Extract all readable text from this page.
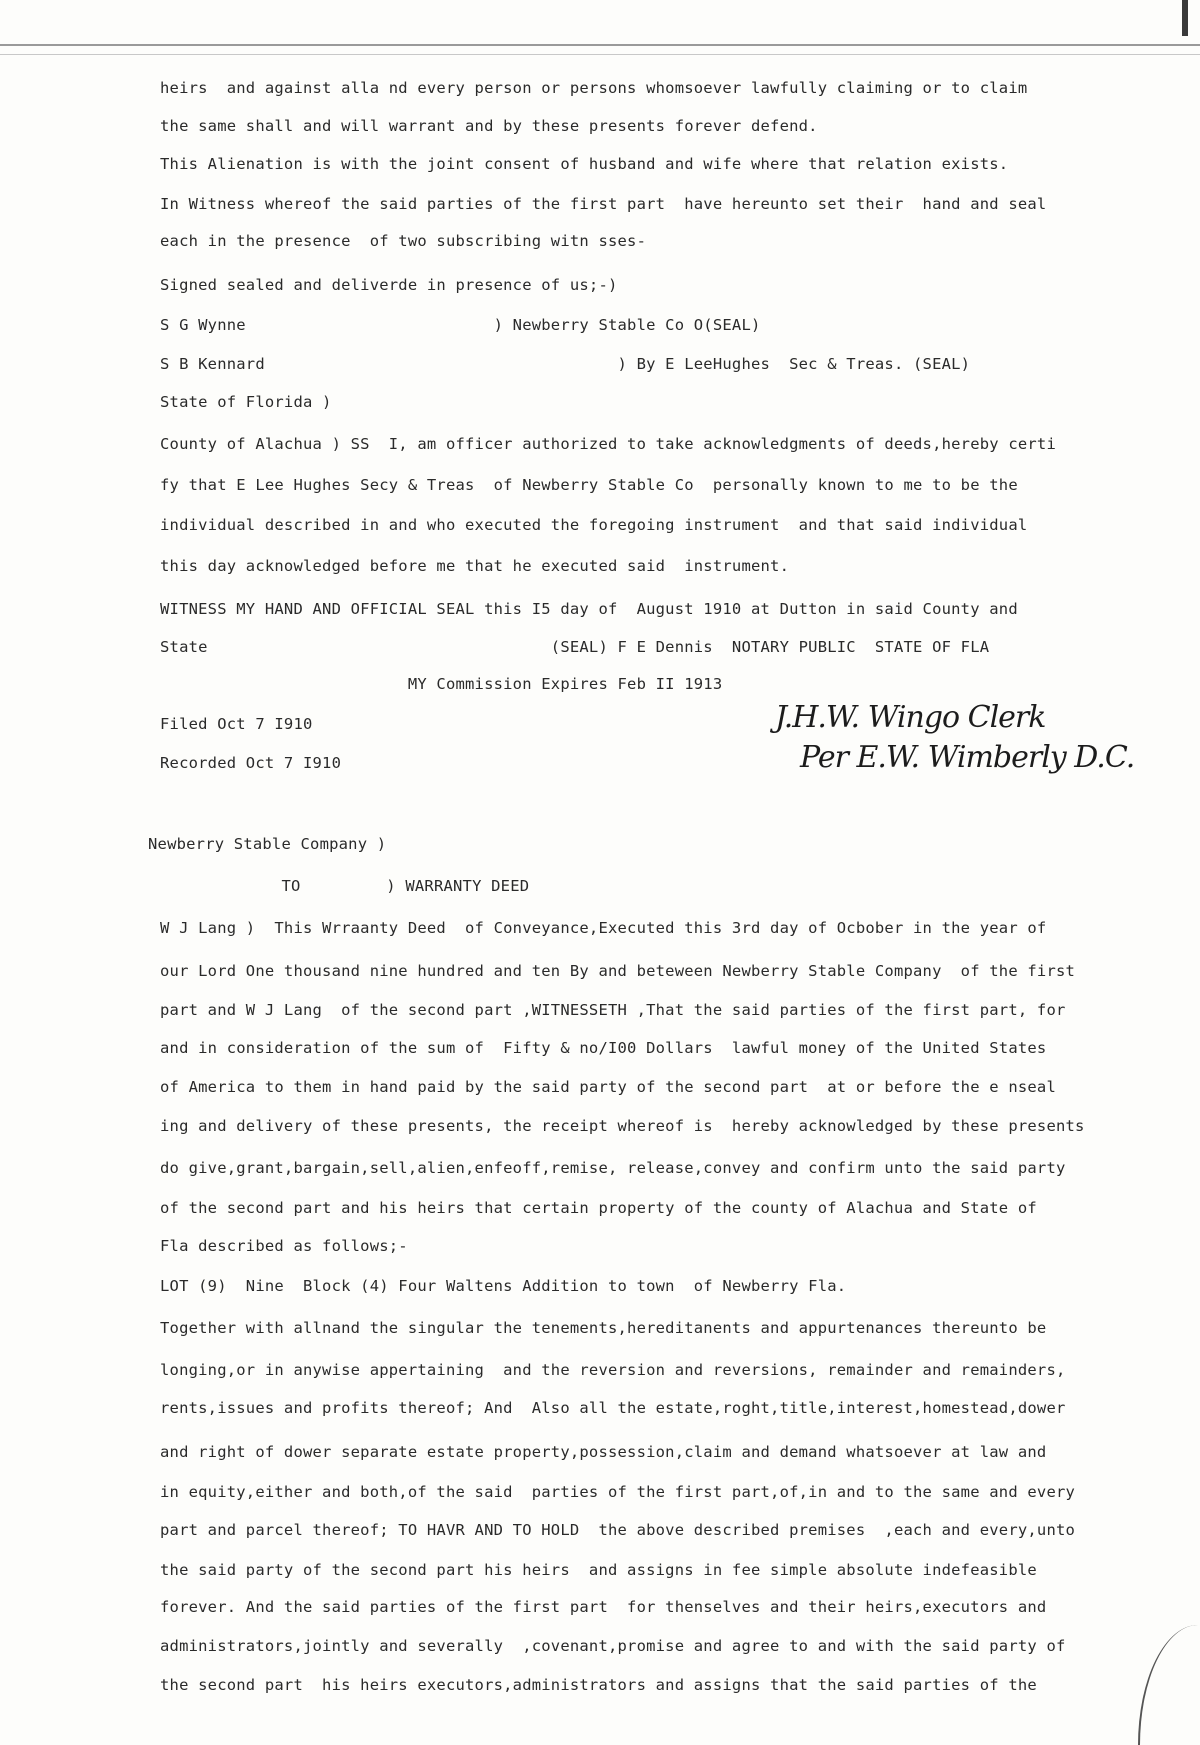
heirs  and against alla nd every person or persons whomsoever lawfully claiming or to claim
the same shall and will warrant and by these presents forever defend.
This Alienation is with the joint consent of husband and wife where that relation exists.
In Witness whereof the said parties of the first part  have hereunto set their  hand and seal
each in the presence  of two subscribing witn sses-
Signed sealed and deliverde in presence of us;-)
S G Wynne                          ) Newberry Stable Co O(SEAL)
S B Kennard                                     ) By E LeeHughes  Sec & Treas. (SEAL)
State of Florida )
County of Alachua ) SS  I, am officer authorized to take acknowledgments of deeds,hereby certi
fy that E Lee Hughes Secy & Treas  of Newberry Stable Co  personally known to me to be the
individual described in and who executed the foregoing instrument  and that said individual
this day acknowledged before me that he executed said  instrument.
WITNESS MY HAND AND OFFICIAL SEAL this I5 day of  August 1910 at Dutton in said County and
State                                    (SEAL) F E Dennis  NOTARY PUBLIC  STATE OF FLA
MY Commission Expires Feb II 1913
Filed Oct 7 I910
Recorded Oct 7 I910
J.H.W. Wingo Clerk
Per E.W. Wimberly D.C.
Newberry Stable Company )
TO         ) WARRANTY DEED
W J Lang )  This Wrraanty Deed  of Conveyance,Executed this 3rd day of Ocbober in the year of
our Lord One thousand nine hundred and ten By and beteween Newberry Stable Company  of the first
part and W J Lang  of the second part ,WITNESSETH ,That the said parties of the first part, for
and in consideration of the sum of  Fifty & no/I00 Dollars  lawful money of the United States
of America to them in hand paid by the said party of the second part  at or before the e nseal
ing and delivery of these presents, the receipt whereof is  hereby acknowledged by these presents
do give,grant,bargain,sell,alien,enfeoff,remise, release,convey and confirm unto the said party
of the second part and his heirs that certain property of the county of Alachua and State of
Fla described as follows;-
LOT (9)  Nine  Block (4) Four Waltens Addition to town  of Newberry Fla.
Together with allnand the singular the tenements,hereditanents and appurtenances thereunto be
longing,or in anywise appertaining  and the reversion and reversions, remainder and remainders,
rents,issues and profits thereof; And  Also all the estate,roght,title,interest,homestead,dower
and right of dower separate estate property,possession,claim and demand whatsoever at law and
in equity,either and both,of the said  parties of the first part,of,in and to the same and every
part and parcel thereof; TO HAVR AND TO HOLD  the above described premises  ,each and every,unto
the said party of the second part his heirs  and assigns in fee simple absolute indefeasible
forever. And the said parties of the first part  for thenselves and their heirs,executors and
administrators,jointly and severally  ,covenant,promise and agree to and with the said party of
the second part  his heirs executors,administrators and assigns that the said parties of the
